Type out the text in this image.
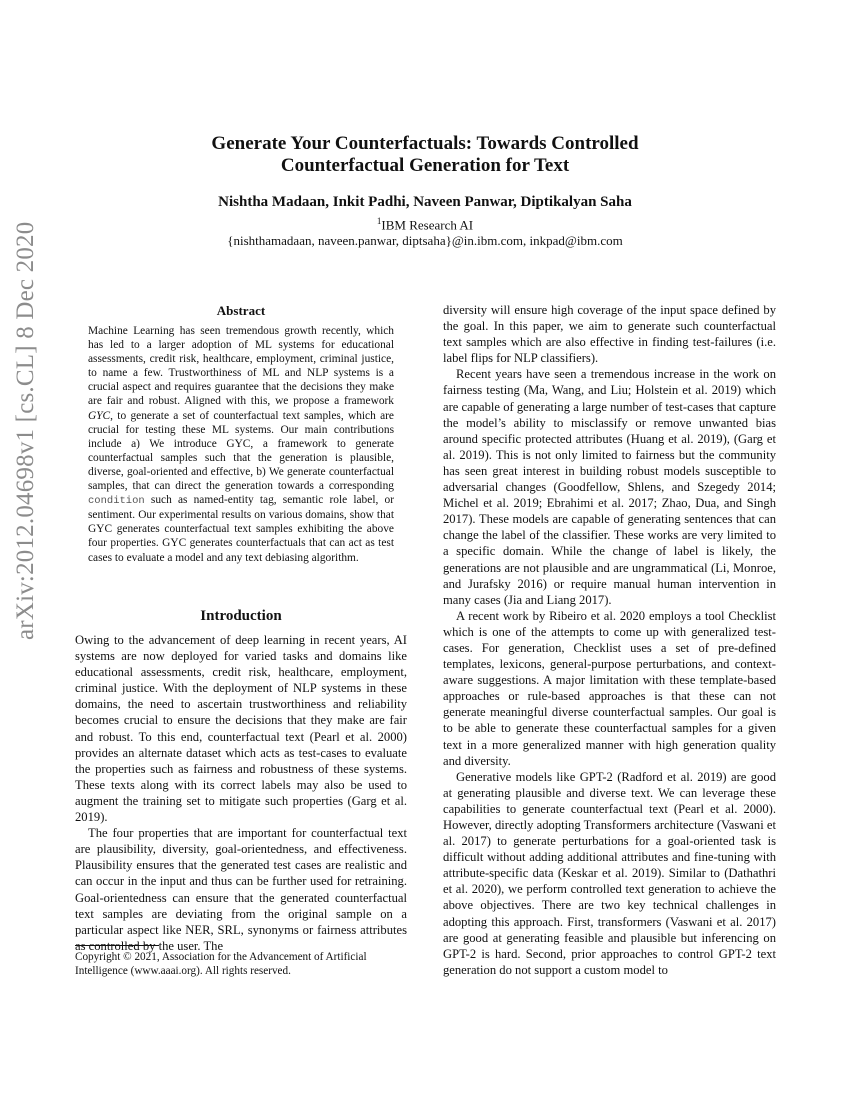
arXiv:2012.04698v1 [cs.CL] 8 Dec 2020
Generate Your Counterfactuals: Towards Controlled
Counterfactual Generation for Text
Nishtha Madaan, Inkit Padhi, Naveen Panwar, Diptikalyan Saha
$^1$IBM Research AI
{nishthamadaan, naveen.panwar, diptsaha}@in.ibm.com, inkpad@ibm.com
Abstract

Machine Learning has seen tremendous growth recently, which has led to a larger adoption of ML systems for educational assessments, credit risk, healthcare, employment, criminal justice, to name a few. Trustworthiness of ML and NLP systems is a crucial aspect and requires guarantee that the decisions they make are fair and robust. Aligned with this, we propose a framework GYC, to generate a set of counterfactual text samples, which are crucial for testing these ML systems. Our main contributions include a) We introduce GYC, a framework to generate counterfactual samples such that the generation is plausible, diverse, goal-oriented and effective, b) We generate counterfactual samples, that can direct the generation towards a corresponding condition such as named-entity tag, semantic role label, or sentiment. Our experimental results on various domains, show that GYC generates counterfactual text samples exhibiting the above four properties. GYC generates counterfactuals that can act as test cases to evaluate a model and any text debiasing algorithm.

Introduction

Owing to the advancement of deep learning in recent years, AI systems are now deployed for varied tasks and domains like educational assessments, credit risk, healthcare, employment, criminal justice. With the deployment of NLP systems in these domains, the need to ascertain trustworthiness and reliability becomes crucial to ensure the decisions that they make are fair and robust. To this end, counterfactual text (Pearl et al. 2000) provides an alternate dataset which acts as test-cases to evaluate the properties such as fairness and robustness of these systems. These texts along with its correct labels may also be used to augment the training set to mitigate such properties (Garg et al. 2019).

The four properties that are important for counterfactual text are plausibility, diversity, goal-orientedness, and effectiveness. Plausibility ensures that the generated test cases are realistic and can occur in the input and thus can be further used for retraining. Goal-orientedness can ensure that the generated counterfactual text samples are deviating from the original sample on a particular aspect like NER, SRL, synonyms or fairness attributes as controlled by the user. The

Copyright © 2021, Association for the Advancement of Artificial Intelligence (www.aaai.org). All rights reserved.

diversity will ensure high coverage of the input space defined by the goal. In this paper, we aim to generate such counterfactual text samples which are also effective in finding test-failures (i.e. label flips for NLP classifiers).

Recent years have seen a tremendous increase in the work on fairness testing (Ma, Wang, and Liu; Holstein et al. 2019) which are capable of generating a large number of test-cases that capture the model’s ability to misclassify or remove unwanted bias around specific protected attributes (Huang et al. 2019), (Garg et al. 2019). This is not only limited to fairness but the community has seen great interest in building robust models susceptible to adversarial changes (Goodfellow, Shlens, and Szegedy 2014; Michel et al. 2019; Ebrahimi et al. 2017; Zhao, Dua, and Singh 2017). These models are capable of generating sentences that can change the label of the classifier. These works are very limited to a specific domain. While the change of label is likely, the generations are not plausible and are ungrammatical (Li, Monroe, and Jurafsky 2016) or require manual human intervention in many cases (Jia and Liang 2017).

A recent work by Ribeiro et al. 2020 employs a tool Checklist which is one of the attempts to come up with generalized test-cases. For generation, Checklist uses a set of pre-defined templates, lexicons, general-purpose perturbations, and context-aware suggestions. A major limitation with these template-based approaches or rule-based approaches is that these can not generate meaningful diverse counterfactual samples. Our goal is to be able to generate these counterfactual samples for a given text in a more generalized manner with high generation quality and diversity.

Generative models like GPT-2 (Radford et al. 2019) are good at generating plausible and diverse text. We can leverage these capabilities to generate counterfactual text (Pearl et al. 2000). However, directly adopting Transformers architecture (Vaswani et al. 2017) to generate perturbations for a goal-oriented task is difficult without adding additional attributes and fine-tuning with attribute-specific data (Keskar et al. 2019). Similar to (Dathathri et al. 2020), we perform controlled text generation to achieve the above objectives. There are two key technical challenges in adopting this approach. First, transformers (Vaswani et al. 2017) are good at generating feasible and plausible but inferencing on GPT-2 is hard. Second, prior approaches to control GPT-2 text generation do not support a custom model to
